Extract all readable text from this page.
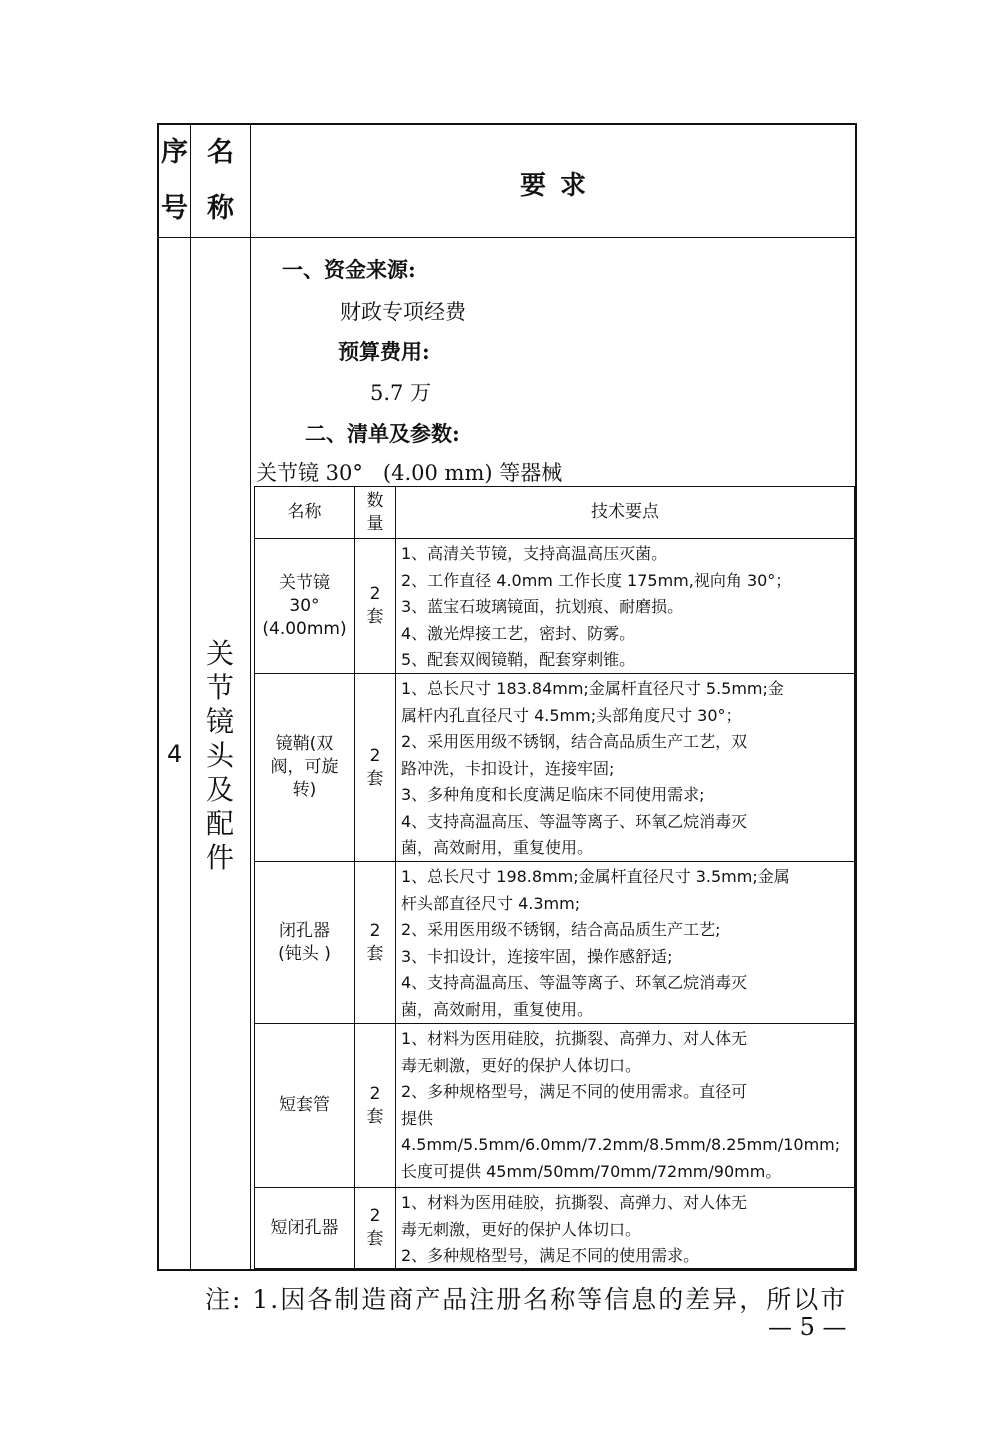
序
号
名
称
要求
4
关
节
镜
头
及
配
件
一、资金来源:
财政专项经费
预算费用:
5.7 万
二、清单及参数:
关节镜 30°   (4.00 mm) 等器械
名称
数
量
技术要点
关节镜
30°
(4.00mm)
2
套
1、高清关节镜，支持高温高压灭菌。
2、工作直径 4.0mm 工作长度 175mm,视向角 30°；
3、蓝宝石玻璃镜面，抗划痕、耐磨损。
4、激光焊接工艺，密封、防雾。
5、配套双阀镜鞘，配套穿刺锥。
镜鞘(双
阀，可旋
转)
2
套
1、总长尺寸 183.84mm;金属杆直径尺寸 5.5mm;金
属杆内孔直径尺寸 4.5mm;头部角度尺寸 30°；
2、采用医用级不锈钢，结合高品质生产工艺，双
路冲洗，卡扣设计，连接牢固;
3、多种角度和长度满足临床不同使用需求;
4、支持高温高压、等温等离子、环氧乙烷消毒灭
菌，高效耐用，重复使用。
闭孔器
(钝头 )
2
套
1、总长尺寸 198.8mm;金属杆直径尺寸 3.5mm;金属
杆头部直径尺寸 4.3mm;
2、采用医用级不锈钢，结合高品质生产工艺;
3、卡扣设计，连接牢固，操作感舒适;
4、支持高温高压、等温等离子、环氧乙烷消毒灭
菌，高效耐用，重复使用。
短套管
2
套
1、材料为医用硅胶，抗撕裂、高弹力、对人体无
毒无刺激，更好的保护人体切口。
2、多种规格型号，满足不同的使用需求。直径可
提供
4.5mm/5.5mm/6.0mm/7.2mm/8.5mm/8.25mm/10mm;
长度可提供 45mm/50mm/70mm/72mm/90mm。
短闭孔器
2
套
1、材料为医用硅胶，抗撕裂、高弹力、对人体无
毒无刺激，更好的保护人体切口。
2、多种规格型号，满足不同的使用需求。
注: 1.因各制造商产品注册名称等信息的差异，所以市
— 5 —
